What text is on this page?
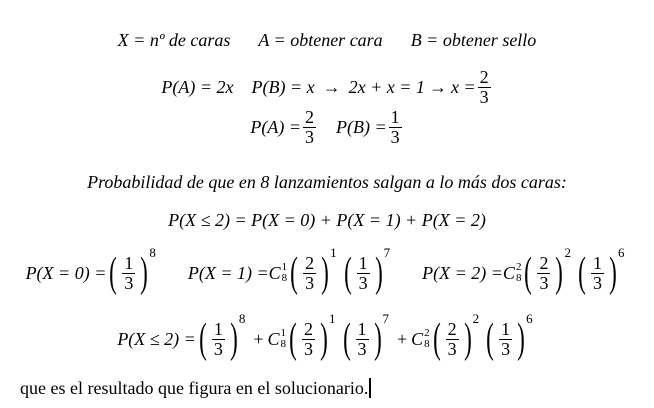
X = nº de caras A = obtener cara B = obtener sello
P(A) = 2x $P(B) = x \to 2x + x = 1 \to x = \frac{2}{3}$
$P(A) = \frac{2}{3} P(B) = \frac{1}{3}$
Probabilidad de que en 8 lanzamientos salgan a lo más dos caras:
P(X ≤ 2) = P(X = 0) + P(X = 1) + P(X = 2)
P(X = 0) = ( $\frac{1}{3}$ ) 8
P(X = 1) = C 1
8 ( $\frac{2}{3}$ ) 1 ( $\frac{1}{3}$ ) 7
P(X = 2) = C 2
8 ( $\frac{2}{3}$ ) 2 ( $\frac{1}{3}$ ) 6
P(X ≤ 2) = ( $\frac{1}{3}$ ) 8
+ C 1
8 ( $\frac{2}{3}$ ) 1 ( $\frac{1}{3}$ ) 7
+ C 2
8 ( $\frac{2}{3}$ ) 2 ( $\frac{1}{3}$ ) 6
que es el resultado que figura en el solucionario.
